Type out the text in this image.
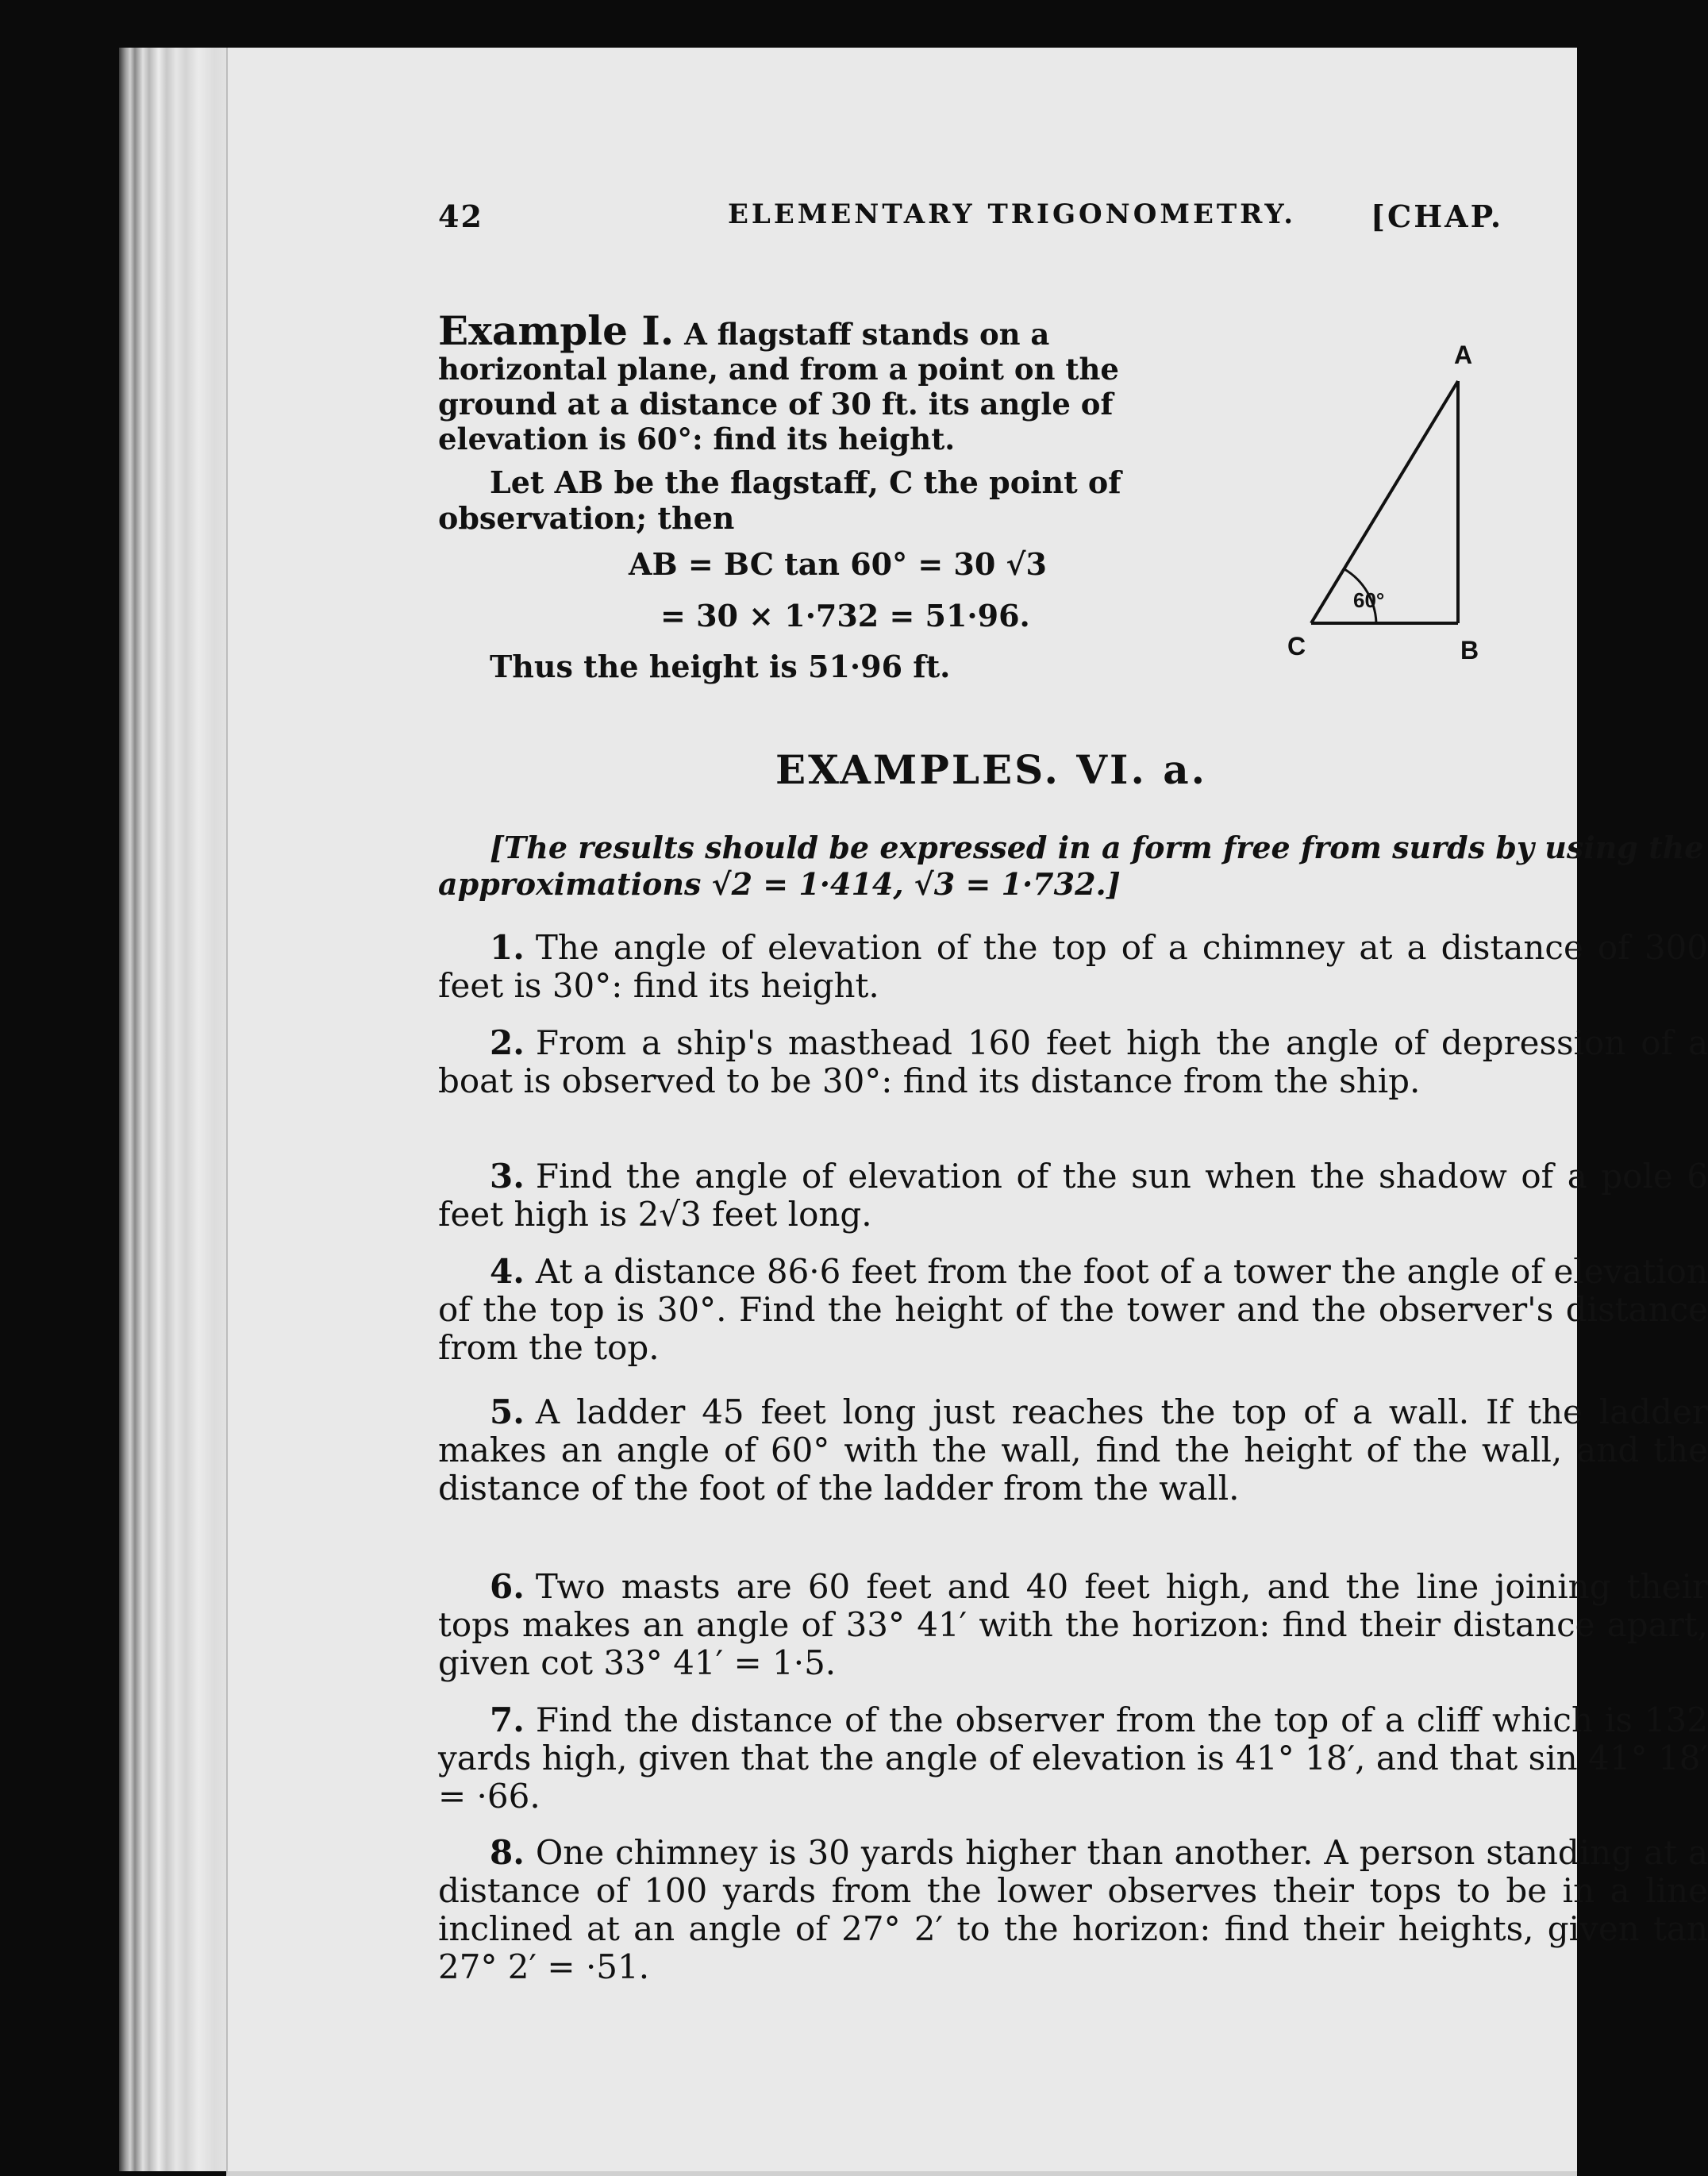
42	ELEMENTARY TRIGONOMETRY. [CHAP.
Example I. A flagstaff stands on a horizontal plane, and from a point on the ground at a distance of 30 ft. its angle of elevation is 60°: find its height.
Let AB be the flagstaff, C the point of observation; then
AB = BC tan 60° = 30 √3
= 30 × 1·732 = 51·96.
Thus the height is 51·96 ft.
A
B
C
60°
EXAMPLES. VI. a.
[The results should be expressed in a form free from surds by using the approximations √2 = 1·414, √3 = 1·732.]
1. The angle of elevation of the top of a chimney at a distance of 300 feet is 30°: find its height.
2. From a ship's masthead 160 feet high the angle of depression of a boat is observed to be 30°: find its distance from the ship.
3. Find the angle of elevation of the sun when the shadow of a pole 6 feet high is 2√3 feet long.
4. At a distance 86·6 feet from the foot of a tower the angle of elevation of the top is 30°. Find the height of the tower and the observer's distance from the top.
5. A ladder 45 feet long just reaches the top of a wall. If the ladder makes an angle of 60° with the wall, find the height of the wall, and the distance of the foot of the ladder from the wall.
6. Two masts are 60 feet and 40 feet high, and the line joining their tops makes an angle of 33° 41′ with the horizon: find their distance apart, given cot 33° 41′ = 1·5.
7. Find the distance of the observer from the top of a cliff which is 132 yards high, given that the angle of elevation is 41° 18′, and that sin 41° 18′ = ·66.
8. One chimney is 30 yards higher than another. A person standing at a distance of 100 yards from the lower observes their tops to be in a line inclined at an angle of 27° 2′ to the horizon: find their heights, given tan 27° 2′ = ·51.
